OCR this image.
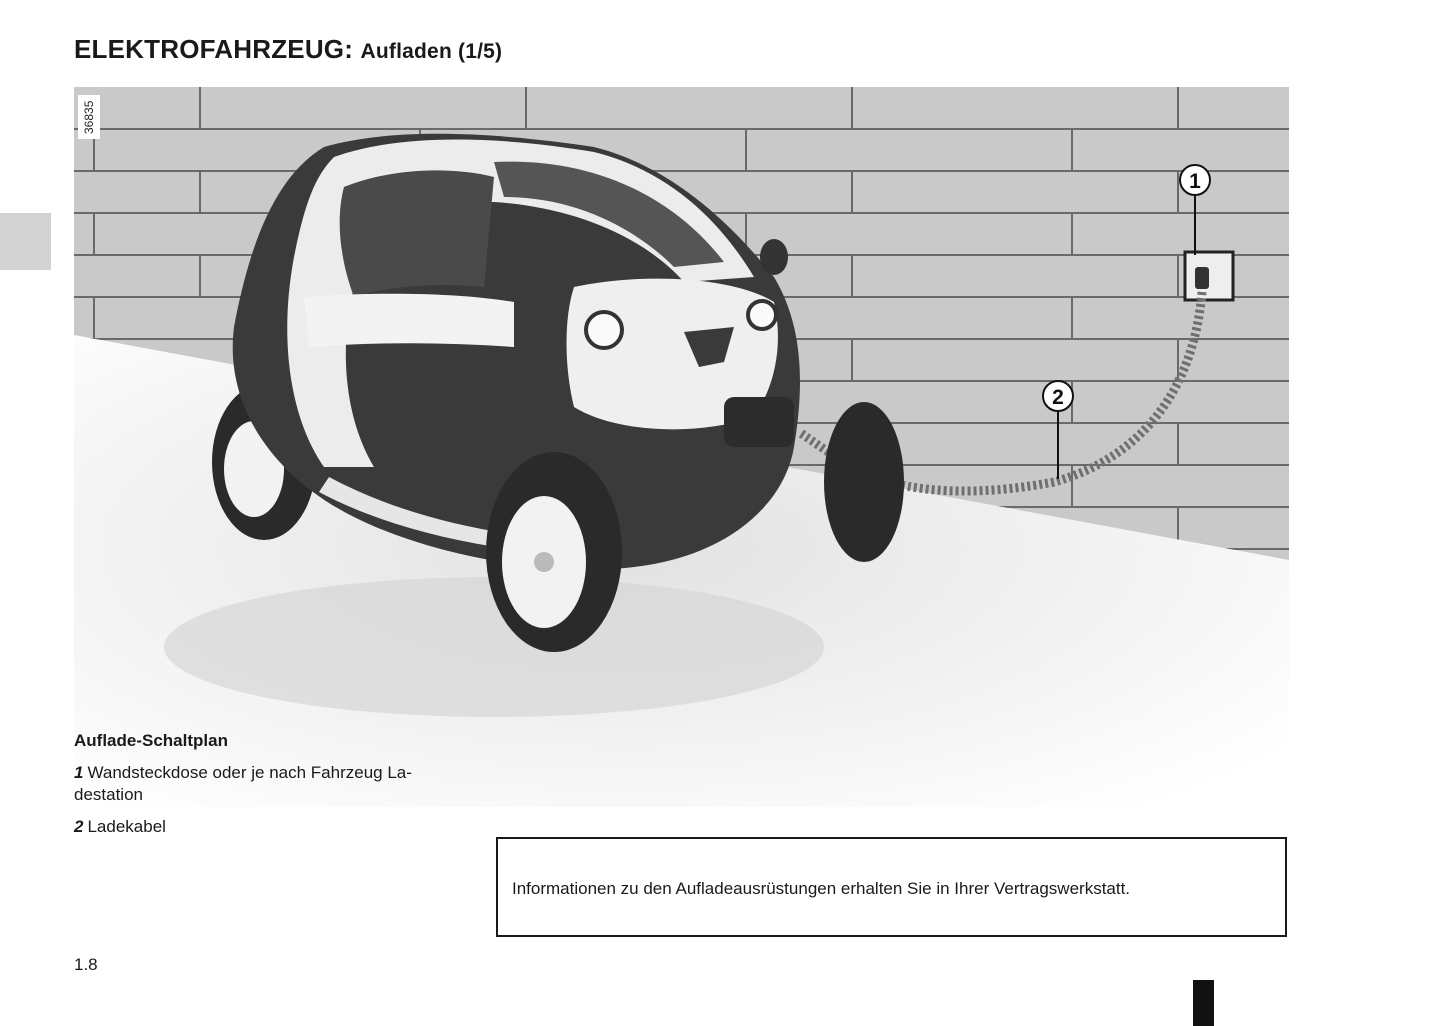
ELEKTROFAHRZEUG: Aufladen (1/5)
1
2
36835

Auflade-Schaltplan

1 Wandsteckdose oder je nach Fahrzeug La-destation

2 Ladekabel

Informationen zu den Aufladeausrüstungen erhalten Sie in Ihrer Vertragswerkstatt.
1.8
